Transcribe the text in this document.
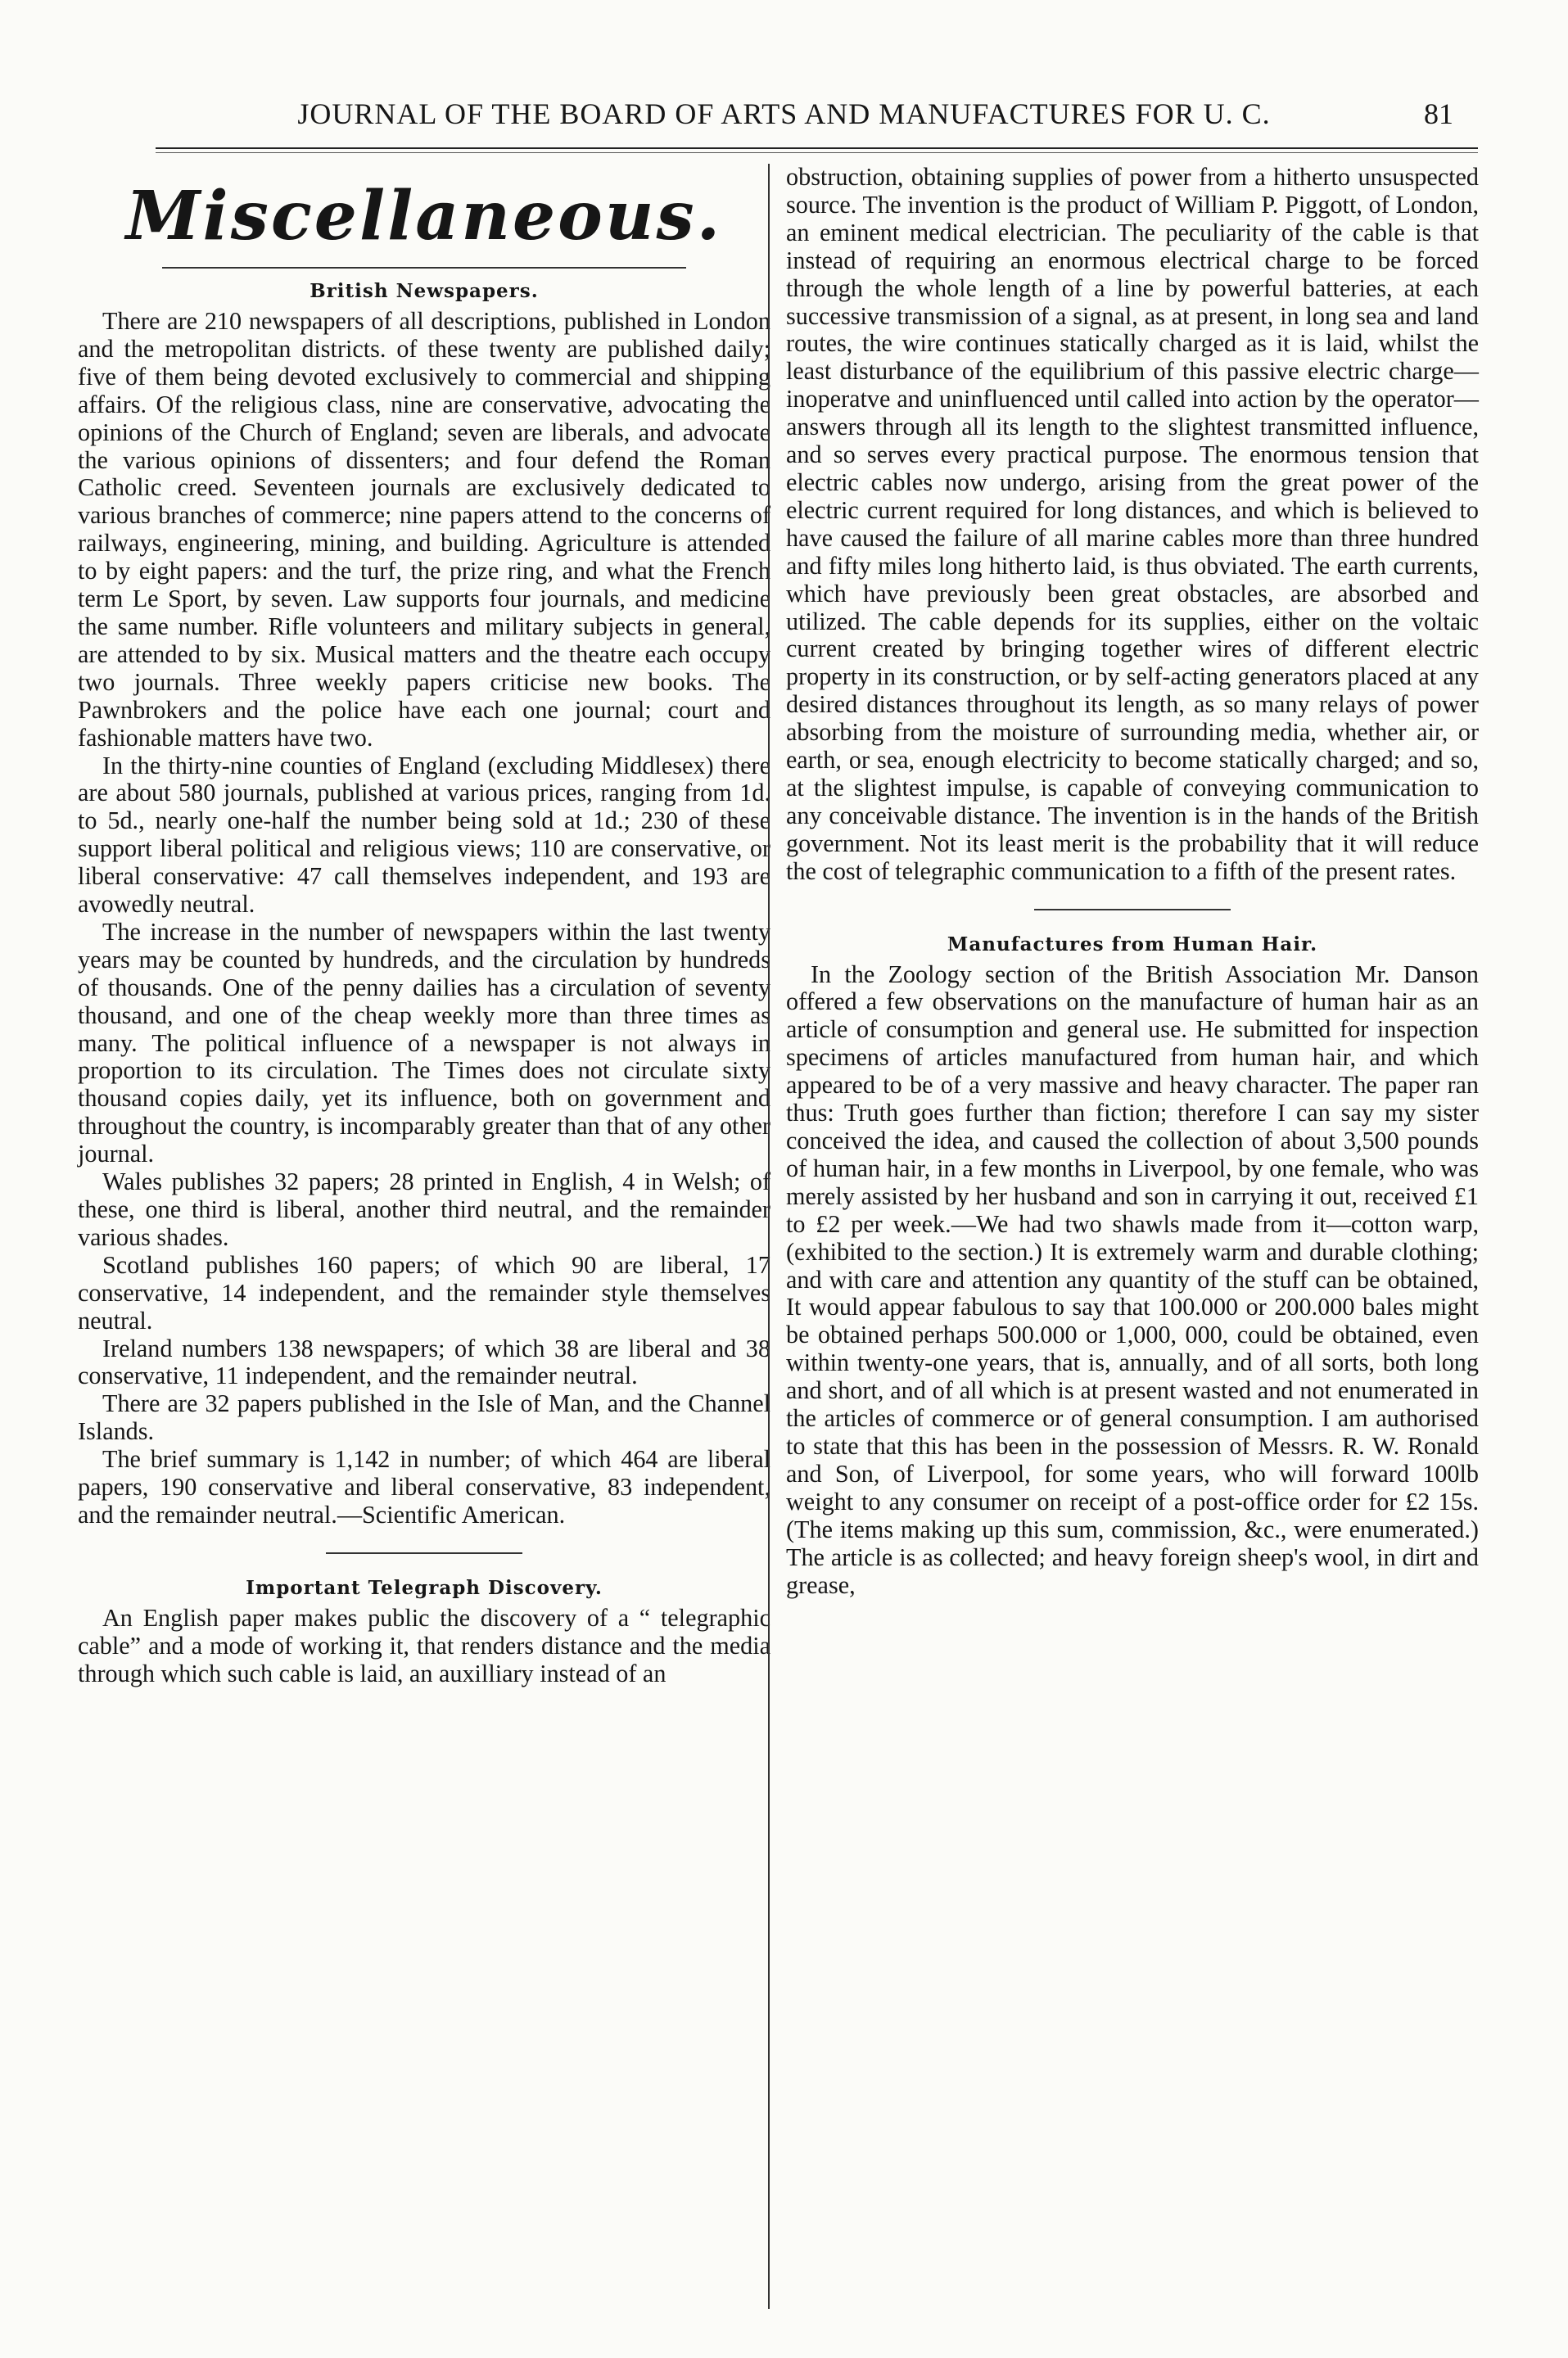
JOURNAL OF THE BOARD OF ARTS AND MANUFACTURES FOR U. C.	81
Miscellaneous.
British Newspapers.

There are 210 newspapers of all descriptions, published in London and the metropolitan districts. of these twenty are published daily; five of them being devoted exclusively to commercial and shipping affairs. Of the religious class, nine are conservative, advocating the opinions of the Church of England; seven are liberals, and advocate the various opinions of dissenters; and four defend the Roman Catholic creed. Seventeen journals are exclusively dedicated to various branches of commerce; nine papers attend to the concerns of railways, engineering, mining, and building. Agriculture is attended to by eight papers: and the turf, the prize ring, and what the French term Le Sport, by seven. Law supports four journals, and medicine the same number. Rifle volunteers and military subjects in general, are attended to by six. Musical matters and the theatre each occupy two journals. Three weekly papers criticise new books. The Pawnbrokers and the police have each one journal; court and fashionable matters have two.

In the thirty-nine counties of England (excluding Middlesex) there are about 580 journals, published at various prices, ranging from 1d. to 5d., nearly one-half the number being sold at 1d.; 230 of these support liberal political and religious views; 110 are conservative, or liberal conservative: 47 call themselves independent, and 193 are avowedly neutral.

The increase in the number of newspapers within the last twenty years may be counted by hundreds, and the circulation by hundreds of thousands. One of the penny dailies has a circulation of seventy thousand, and one of the cheap weekly more than three times as many. The political influence of a newspaper is not always in proportion to its circulation. The Times does not circulate sixty thousand copies daily, yet its influence, both on government and throughout the country, is incomparably greater than that of any other journal.

Wales publishes 32 papers; 28 printed in English, 4 in Welsh; of these, one third is liberal, another third neutral, and the remainder various shades.

Scotland publishes 160 papers; of which 90 are liberal, 17 conservative, 14 independent, and the remainder style themselves neutral.

Ireland numbers 138 newspapers; of which 38 are liberal and 38 conservative, 11 independent, and the remainder neutral.

There are 32 papers published in the Isle of Man, and the Channel Islands.

The brief summary is 1,142 in number; of which 464 are liberal papers, 190 conservative and liberal conservative, 83 independent, and the remainder neutral.—Scientific American.

Important Telegraph Discovery.

An English paper makes public the discovery of a “ telegraphic cable” and a mode of working it, that renders distance and the media through which such cable is laid, an auxilliary instead of an

obstruction, obtaining supplies of power from a hitherto unsuspected source. The invention is the product of William P. Piggott, of London, an eminent medical electrician. The peculiarity of the cable is that instead of requiring an enormous electrical charge to be forced through the whole length of a line by powerful batteries, at each successive transmission of a signal, as at present, in long sea and land routes, the wire continues statically charged as it is laid, whilst the least disturbance of the equilibrium of this passive electric charge—inoperatve and uninfluenced until called into action by the operator—answers through all its length to the slightest transmitted influence, and so serves every practical purpose. The enormous tension that electric cables now undergo, arising from the great power of the electric current required for long distances, and which is believed to have caused the failure of all marine cables more than three hundred and fifty miles long hitherto laid, is thus obviated. The earth currents, which have previously been great obstacles, are absorbed and utilized. The cable depends for its supplies, either on the voltaic current created by bringing together wires of different electric property in its construction, or by self-acting generators placed at any desired distances throughout its length, as so many relays of power absorbing from the moisture of surrounding media, whether air, or earth, or sea, enough electricity to become statically charged; and so, at the slightest impulse, is capable of conveying communication to any conceivable distance. The invention is in the hands of the British government. Not its least merit is the probability that it will reduce the cost of telegraphic communication to a fifth of the present rates.

Manufactures from Human Hair.

In the Zoology section of the British Association Mr. Danson offered a few observations on the manufacture of human hair as an article of consumption and general use. He submitted for inspection specimens of articles manufactured from human hair, and which appeared to be of a very massive and heavy character. The paper ran thus: Truth goes further than fiction; therefore I can say my sister conceived the idea, and caused the collection of about 3,500 pounds of human hair, in a few months in Liverpool, by one female, who was merely assisted by her husband and son in carrying it out, received £1 to £2 per week.—We had two shawls made from it—cotton warp, (exhibited to the section.) It is extremely warm and durable clothing; and with care and attention any quantity of the stuff can be obtained, It would appear fabulous to say that 100.000 or 200.000 bales might be obtained perhaps 500.000 or 1,000, 000, could be obtained, even within twenty-one years, that is, annually, and of all sorts, both long and short, and of all which is at present wasted and not enumerated in the articles of commerce or of general consumption. I am authorised to state that this has been in the possession of Messrs. R. W. Ronald and Son, of Liverpool, for some years, who will forward 100lb weight to any consumer on receipt of a post-office order for £2 15s. (The items making up this sum, commission, &c., were enumerated.) The article is as collected; and heavy foreign sheep's wool, in dirt and grease,
